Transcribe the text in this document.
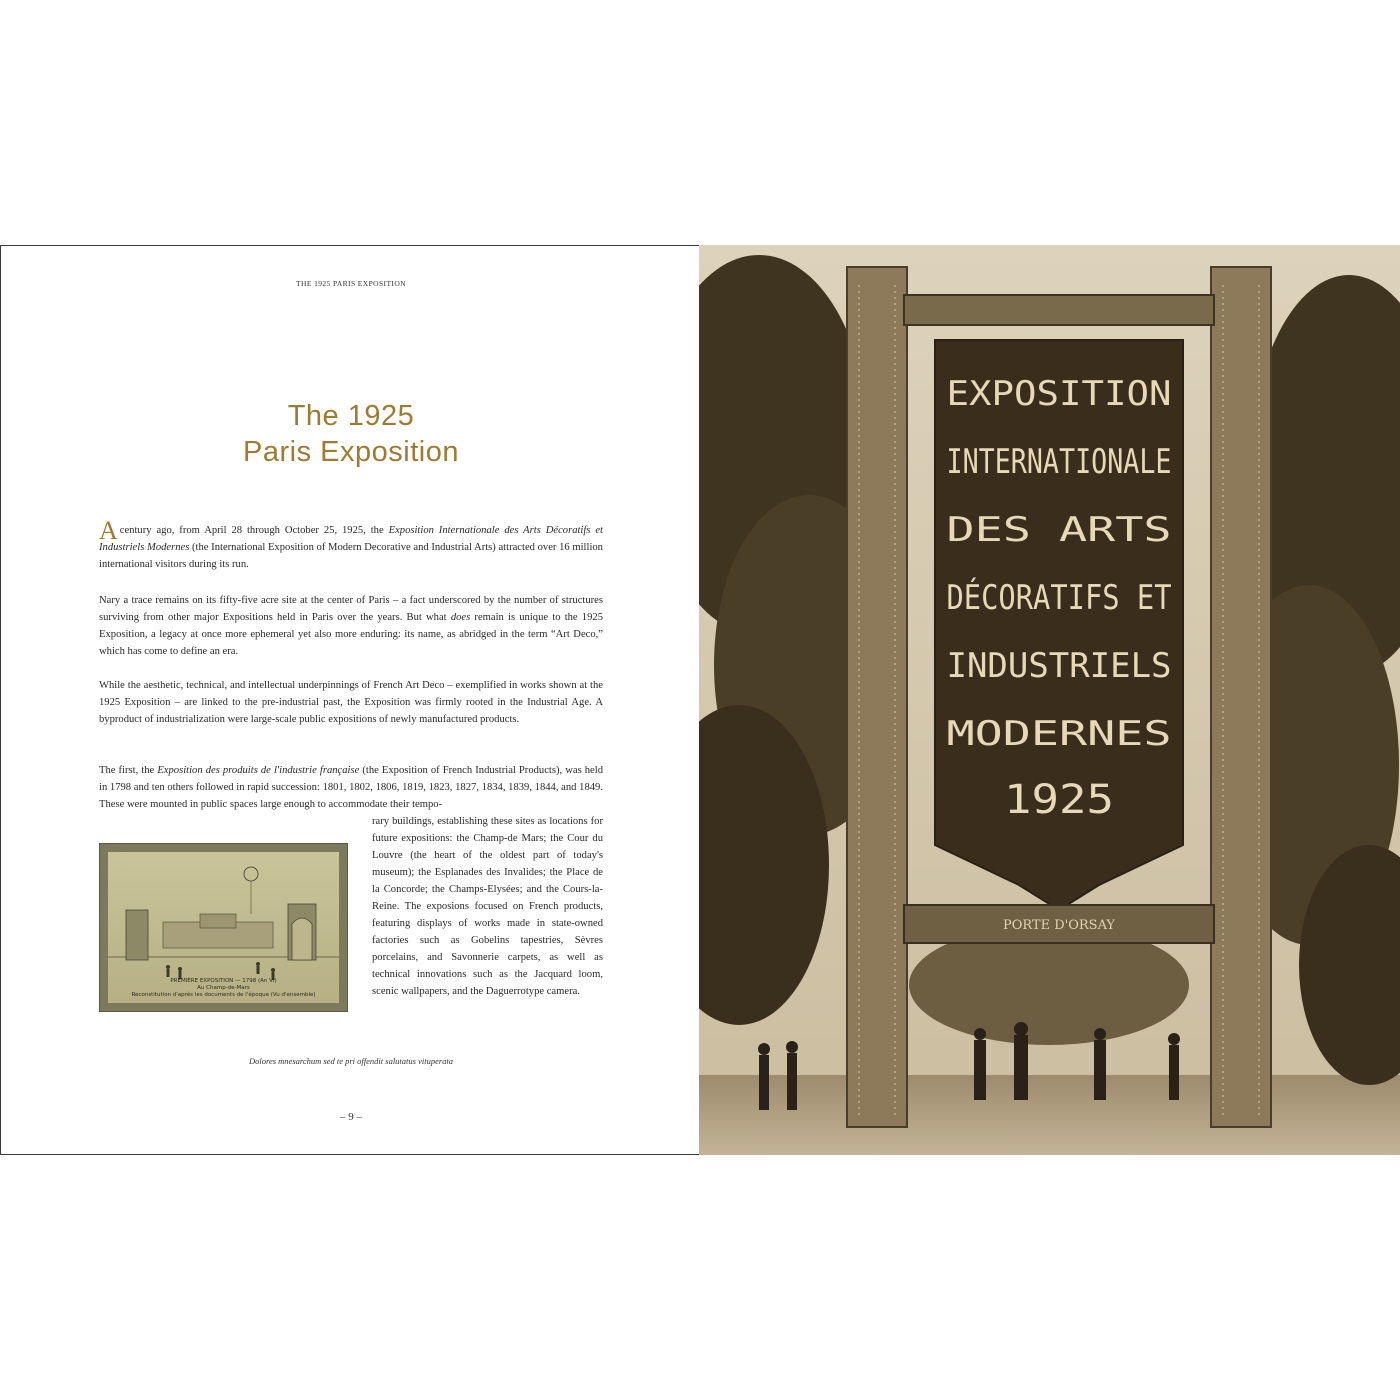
THE 1925 PARIS EXPOSITION
The 1925
Paris Exposition
A century ago, from April 28 through October 25, 1925, the Exposition Internationale des Arts Décoratifs et Industriels Modernes (the International Exposition of Modern Decorative and Industrial Arts) attracted over 16 million international visitors during its run.
Nary a trace remains on its fifty-five acre site at the center of Paris – a fact underscored by the number of structures surviving from other major Expositions held in Paris over the years. But what does remain is unique to the 1925 Exposition, a legacy at once more ephemeral yet also more enduring: its name, as abridged in the term “Art Deco,” which has come to define an era.
While the aesthetic, technical, and intellectual underpinnings of French Art Deco – exemplified in works shown at the 1925 Exposition – are linked to the pre-industrial past, the Exposition was firmly rooted in the Industrial Age. A byproduct of industrialization were large-scale public expositions of newly manufactured products.
The first, the Exposition des produits de l'industrie française (the Exposition of French Industrial Products), was held in 1798 and ten others followed in rapid succession: 1801, 1802, 1806, 1819, 1823, 1827, 1834, 1839, 1844, and 1849. These were mounted in public spaces large enough to accommodate their tempo-
rary buildings, establishing these sites as locations for future expositions: the Champ-de Mars; the Cour du Louvre (the heart of the oldest part of today's museum); the Esplanades des Invalides; the Place de la Concorde; the Champs-Elysées; and the Cours-la-Reine. The exposions focused on French products, featuring displays of works made in state-owned factories such as Gobelins tapestries, Sèvres porcelains, and Savonnerie carpets, as well as technical innovations such as the Jacquard loom, scenic wallpapers, and the Daguerrotype camera.
PREMIÈRE EXPOSITION — 1798 (An VI)
Au Champ-de-Mars
Reconstitution d'après les documents de l'époque (Vu d'ensemble)
Dolores mnesarchum sed te pri offendit salutatus vituperata
– 9 –
EXPOSITION
INTERNATIONALE
DES ARTS
DÉCORATIFS ET
INDUSTRIELS
MODERNES
1925
PORTE D'ORSAY
